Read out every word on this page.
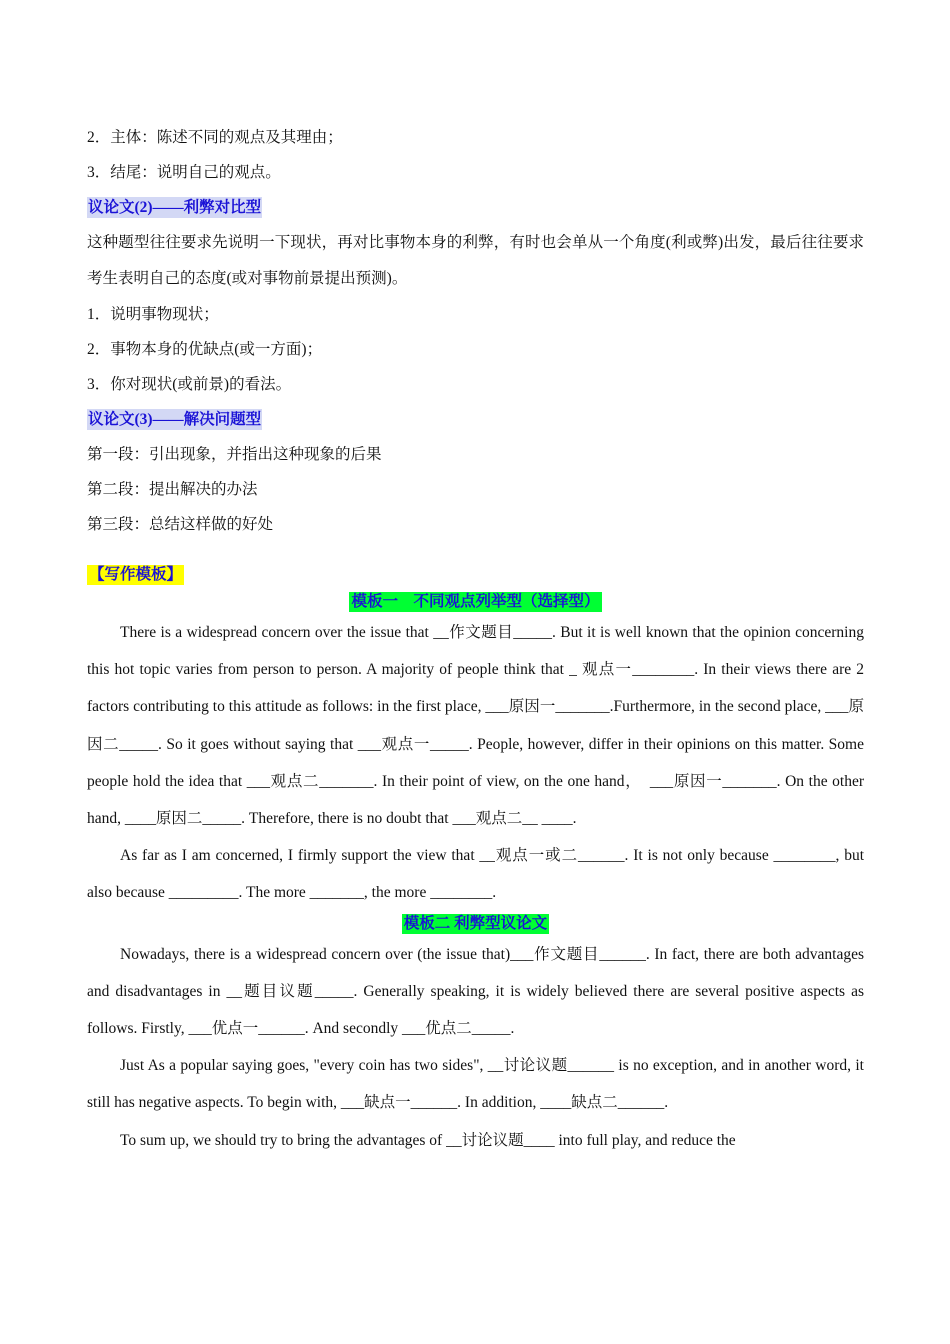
2．主体：陈述不同的观点及其理由；

3．结尾：说明自己的观点。

议论文(2)——利弊对比型

这种题型往往要求先说明一下现状，再对比事物本身的利弊，有时也会单从一个角度(利或弊)出发，最后往往要求考生表明自己的态度(或对事物前景提出预测)。

1．说明事物现状；

2．事物本身的优缺点(或一方面)；

3．你对现状(或前景)的看法。

议论文(3)——解决问题型

第一段：引出现象，并指出这种现象的后果

第二段：提出解决的办法

第三段：总结这样做的好处

【写作模板】
模板一　不同观点列举型（选择型）

There is a widespread concern over the issue that __作文题目_____. But it is well known that the opinion concerning this hot topic varies from person to person. A majority of people think that _ 观点一________. In their views there are 2 factors contributing to this attitude as follows: in the first place, ___原因一_______.Furthermore, in the second place, ___原因二_____. So it goes without saying that ___观点一_____. People, however, differ in their opinions on this matter. Some people hold the idea that ___观点二_______. In their point of view, on the one hand，　___原因一_______. On the other hand, ____原因二_____. Therefore, there is no doubt that ___观点二__ ____.

As far as I am concerned, I firmly support the view that __观点一或二______. It is not only because ________, but also because _________. The more _______, the more ________.

模板二 利弊型议论文

Nowadays, there is a widespread concern over (the issue that)___作文题目______. In fact, there are both advantages and disadvantages in __题目议题_____. Generally speaking, it is widely believed there are several positive aspects as follows. Firstly, ___优点一______. And secondly ___优点二_____.

Just As a popular saying goes, "every coin has two sides", __讨论议题______ is no exception, and in another word, it still has negative aspects. To begin with, ___缺点一______. In addition, ____缺点二______.

To sum up, we should try to bring the advantages of __讨论议题____ into full play, and reduce the
